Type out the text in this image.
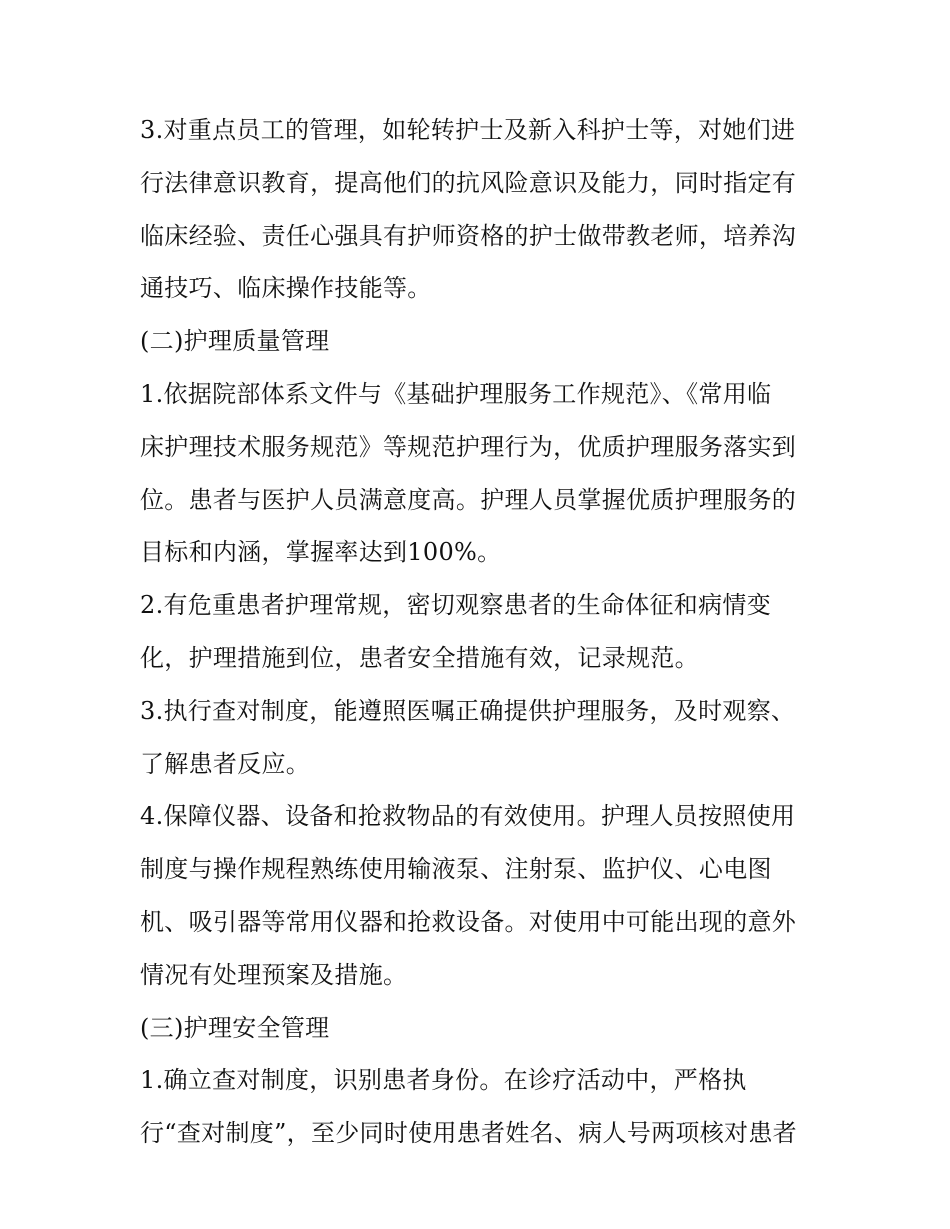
3.对重点员工的管理，如轮转护士及新入科护士等，对她们进
行法律意识教育，提高他们的抗风险意识及能力，同时指定有
临床经验、责任心强具有护师资格的护士做带教老师，培养沟
通技巧、临床操作技能等。
(二)护理质量管理
1.依据院部体系文件与《基础护理服务工作规范》、《常用临
床护理技术服务规范》等规范护理行为，优质护理服务落实到
位。患者与医护人员满意度高。护理人员掌握优质护理服务的
目标和内涵，掌握率达到100%。
2.有危重患者护理常规，密切观察患者的生命体征和病情变
化，护理措施到位，患者安全措施有效，记录规范。
3.执行查对制度，能遵照医嘱正确提供护理服务，及时观察、
了解患者反应。
4.保障仪器、设备和抢救物品的有效使用。护理人员按照使用
制度与操作规程熟练使用输液泵、注射泵、监护仪、心电图
机、吸引器等常用仪器和抢救设备。对使用中可能出现的意外
情况有处理预案及措施。
(三)护理安全管理
1.确立查对制度，识别患者身份。在诊疗活动中，严格执
行“查对制度”，至少同时使用患者姓名、病人号两项核对患者
